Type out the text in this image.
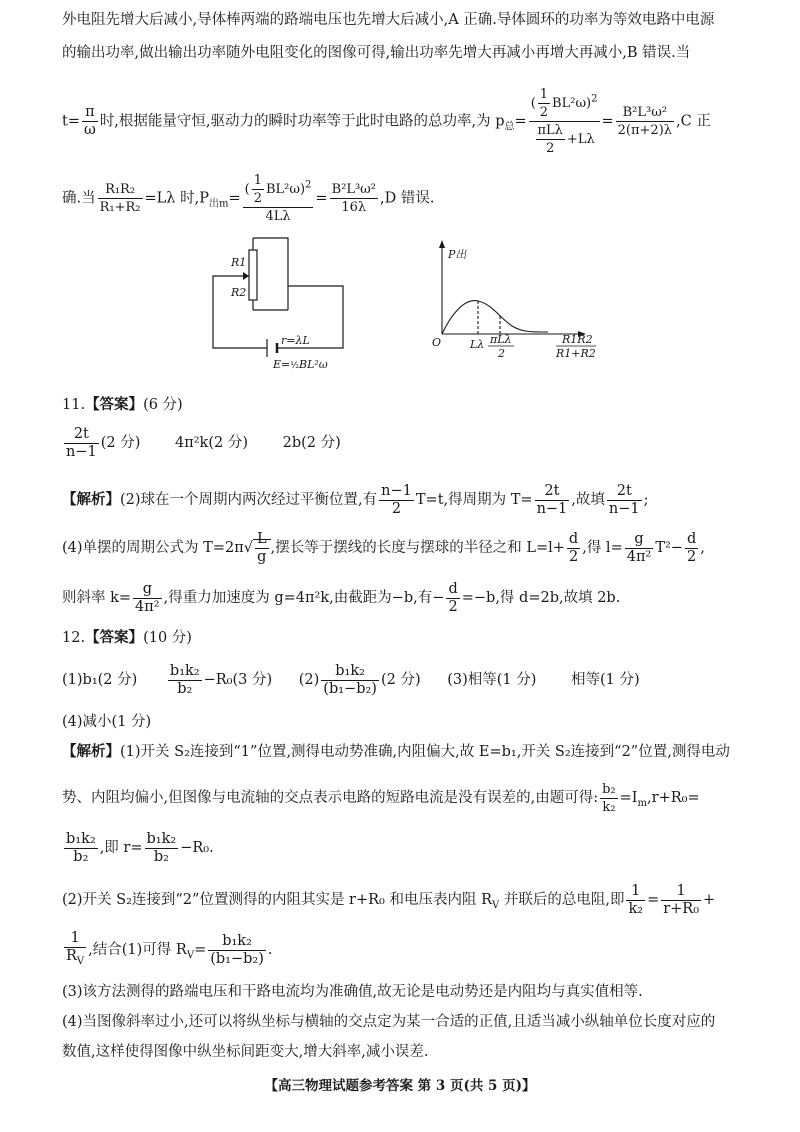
外电阻先增大后减小,导体棒两端的路端电压也先增大后减小,A 正确.导体圆环的功率为等效电路中电源
的输出功率,做出输出功率随外电阻变化的图像可得,输出功率先增大再减小再增大再减小,B 错误.当
$t= \frac{\pi}{\omega}$ 时,根据能量守恒,驱动力的瞬时功率等于此时电路的总功率,为 $p_总= \frac{( \frac{1}{2} BL^2\omega)^2}{\frac{\text{πLλ}}{2} +L\lambda} = \frac{\text{B²L³ω²}}{2(\pi+2)\lambda} ,C$ 正
确.当 $\frac{\text{R₁R₂}}{\text{R₁+R₂}} =L\lambda$ 时$,P_{出m}= \frac{( \frac{1}{2} BL^2\omega)^2}{4L\lambda} = \frac{\text{B²L³ω²}}{16\lambda} ,D$ 错误.
R1
R2
r=λL
E=½BL²ω
P出
O	Lλ πLλ
2
R1R2
R1+R2
11.【答案】(6 分)
$\frac{2t}{n-1} (2$ 分) 4π²k(2 分) 2b(2 分)
【解析】(2)球在一个周期内两次经过平衡位置,有 $\frac{n-1}{2} T=t$,得周期为 $T= \frac{2t}{n-1}$ ,故填 $\frac{2t}{n-1}$ ;
(4)单摆的周期公式为 $T=2\pi√ \frac{L}{g}$ ,摆长等于摆线的长度与摆球的半径之和 $L=l+ \frac{d}{2}$ ,得 $l= \frac{g}{\text{4π²}} T^2- \frac{d}{2}$ ,
则斜率 $k= \frac{g}{\text{4π²}}$ ,得重力加速度为 g=4π²k,由截距为−b,有− $\frac{d}{2} =-b$,得 d=2b,故填 2b.
12.【答案】(10 分)
(1)b₁(2 分) $\frac{\text{b₁k₂}}{\text{b₂}} -R_0(3$ 分) $(2) \frac{\text{b₁k₂}}{\text{(b₁−b₂)}} (2$ 分) (3)相等(1 分) 相等(1 分)
(4)减小(1 分)
【解析】(1)开关 S₂连接到“1”位置,测得电动势准确,内阻偏大,故 E=b₁,开关 S₂连接到“2”位置,测得电动
势、内阻均偏小,但图像与电流轴的交点表示电路的短路电流是没有误差的,由题可得: $\frac{\text{b₂}}{\text{k₂}} =I_m,r+R_0=$
$\frac{\text{b₁k₂}}{\text{b₂}}$ ,即 $r= \frac{\text{b₁k₂}}{\text{b₂}} -R_0$.
(2)开关 S₂连接到“2”位置测得的内阻其实是 r+R₀ 和电压表内阻 $R_V$ 并联后的总电阻,即 $\frac{1}{\text{k₂}} = \frac{1}{\text{r+R₀}}$ +
$\frac{1}{R_V}$ ,结合(1)可得 $R_V= \frac{\text{b₁k₂}}{\text{(b₁−b₂)}}$ .
(3)该方法测得的路端电压和干路电流均为准确值,故无论是电动势还是内阻均与真实值相等.
(4)当图像斜率过小,还可以将纵坐标与横轴的交点定为某一合适的正值,且适当减小纵轴单位长度对应的
数值,这样使得图像中纵坐标间距变大,增大斜率,减小误差.
【高三物理试题参考答案 第 3 页(共 5 页)】
